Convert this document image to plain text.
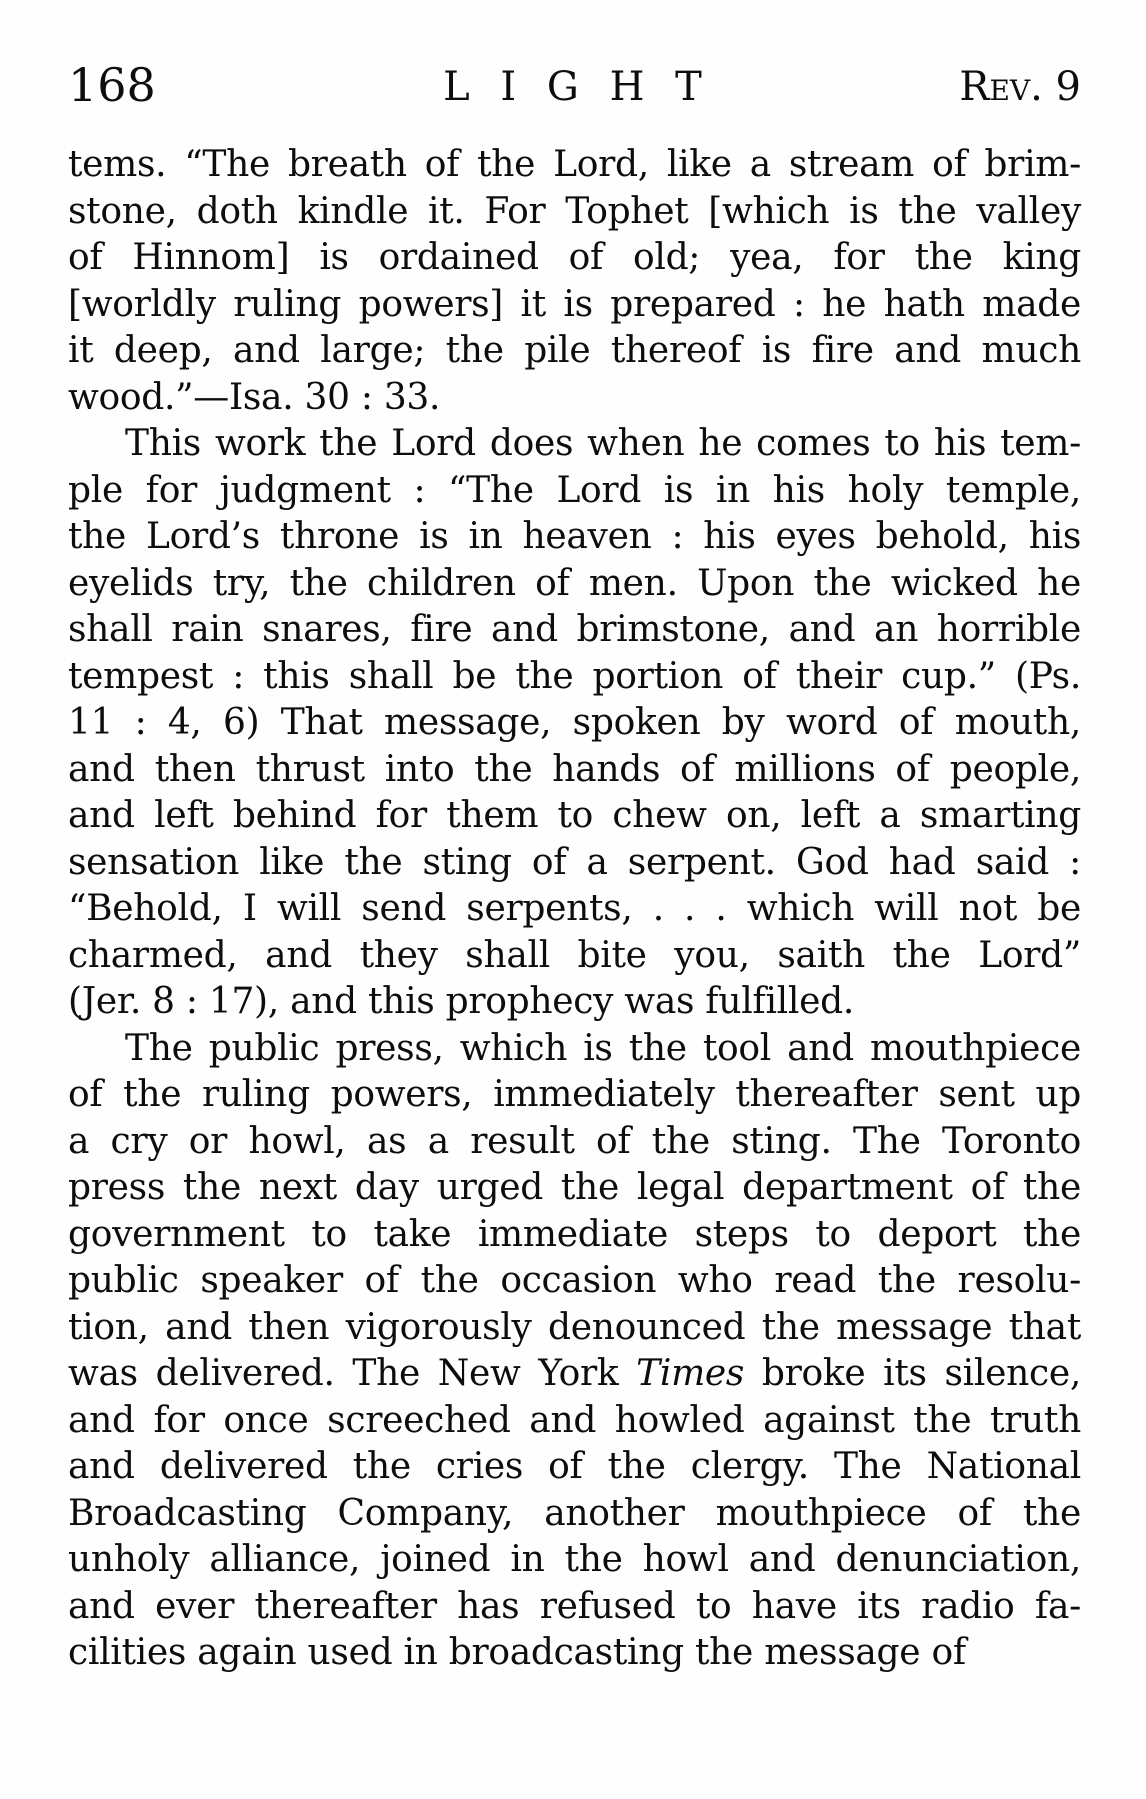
168	L I G H T	Rev. 9
tems. “The breath of the Lord, like a stream of brim-
stone, doth kindle it. For Tophet [which is the valley
of Hinnom] is ordained of old; yea, for the king
[worldly ruling powers] it is prepared : he hath made
it deep, and large; the pile thereof is fire and much
wood.”—Isa. 30 : 33.
This work the Lord does when he comes to his tem-
ple for judgment : “The Lord is in his holy temple,
the Lord’s throne is in heaven : his eyes behold, his
eyelids try, the children of men. Upon the wicked he
shall rain snares, fire and brimstone, and an horrible
tempest : this shall be the portion of their cup.” (Ps.
11 : 4, 6) That message, spoken by word of mouth,
and then thrust into the hands of millions of people,
and left behind for them to chew on, left a smarting
sensation like the sting of a serpent. God had said :
“Behold, I will send serpents, . . . which will not be
charmed, and they shall bite you, saith the Lord”
(Jer. 8 : 17), and this prophecy was fulfilled.
The public press, which is the tool and mouthpiece
of the ruling powers, immediately thereafter sent up
a cry or howl, as a result of the sting. The Toronto
press the next day urged the legal department of the
government to take immediate steps to deport the
public speaker of the occasion who read the resolu-
tion, and then vigorously denounced the message that
was delivered. The New York Times broke its silence,
and for once screeched and howled against the truth
and delivered the cries of the clergy. The National
Broadcasting Company, another mouthpiece of the
unholy alliance, joined in the howl and denunciation,
and ever thereafter has refused to have its radio fa-
cilities again used in broadcasting the message of
